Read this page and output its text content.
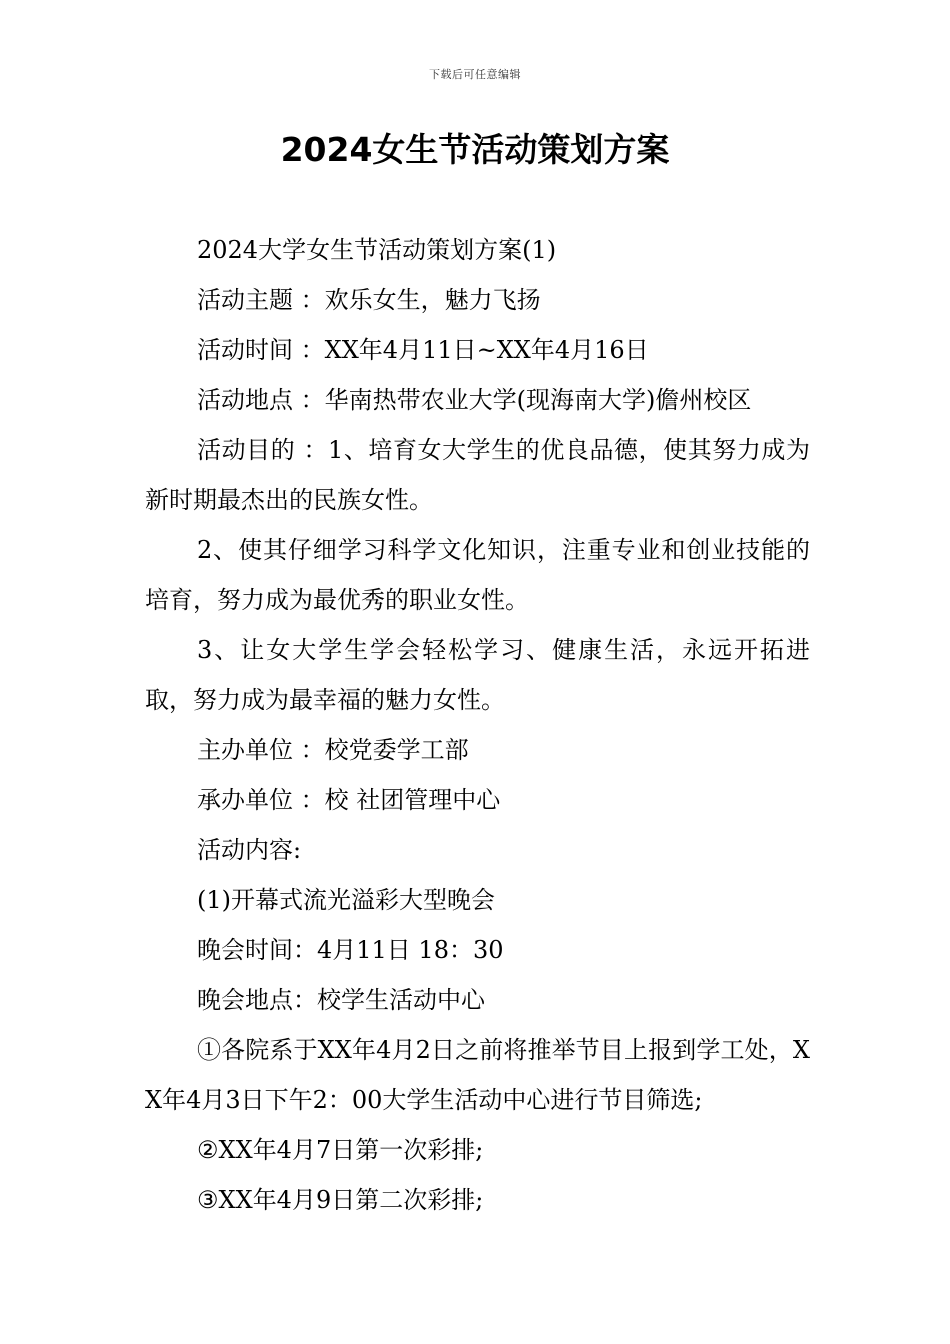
下载后可任意编辑
2024女生节活动策划方案

2024大学女生节活动策划方案(1)

活动主题 ：欢乐女生，魅力飞扬

活动时间 ：XX年4月11日~XX年4月16日

活动地点 ：华南热带农业大学(现海南大学)儋州校区

活动目的 ：1、培育女大学生的优良品德，使其努力成为新时期最杰出的民族女性。

2、使其仔细学习科学文化知识，注重专业和创业技能的培育，努力成为最优秀的职业女性。

3、让女大学生学会轻松学习、健康生活，永远开拓进取，努力成为最幸福的魅力女性。

主办单位 ：校党委学工部

承办单位 ：校 社团管理中心

活动内容:

(1)开幕式流光溢彩大型晚会

晚会时间：4月11日 18：30

晚会地点：校学生活动中心

①各院系于XX年4月2日之前将推举节目上报到学工处，XX年4月3日下午2：00大学生活动中心进行节目筛选;

②XX年4月7日第一次彩排;

③XX年4月9日第二次彩排;
